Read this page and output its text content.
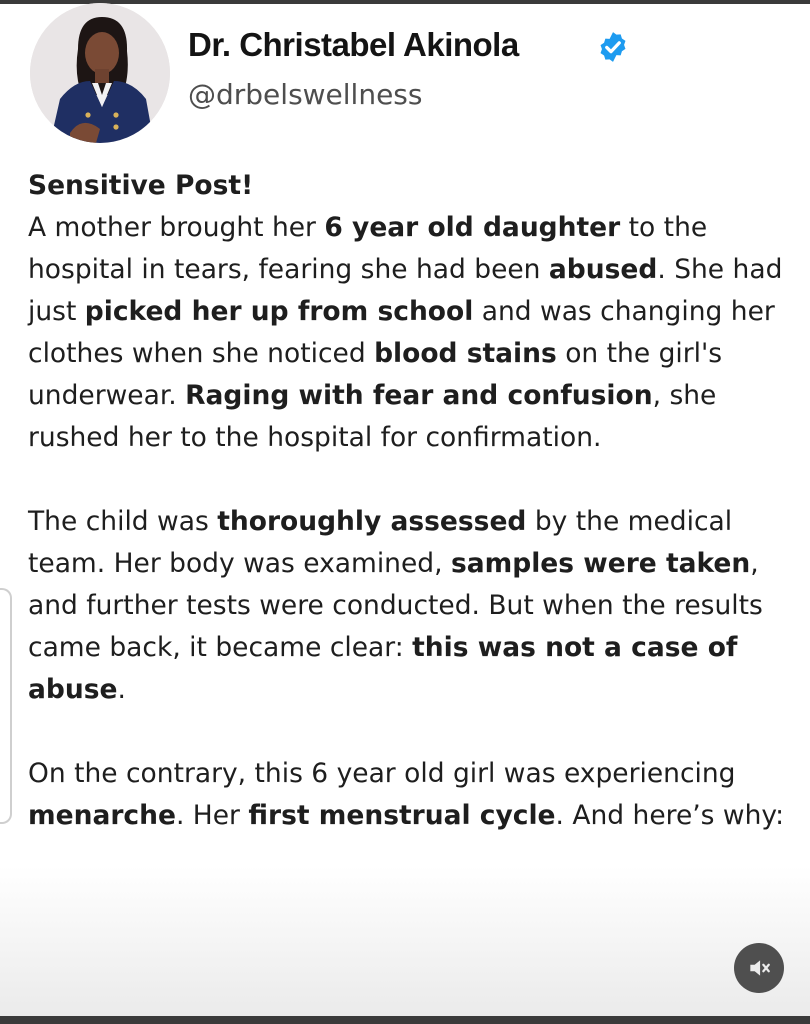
Dr. Christabel Akinola
@drbelswellness

Sensitive Post!

A mother brought her 6 year old daughter to the hospital in tears, fearing she had been abused. She had just picked her up from school and was changing her clothes when she noticed blood stains on the girl's underwear. Raging with fear and confusion, she rushed her to the hospital for confirmation.

The child was thoroughly assessed by the medical team. Her body was examined, samples were taken, and further tests were conducted. But when the results came back, it became clear: this was not a case of abuse.

On the contrary, this 6 year old girl was experiencing menarche. Her first menstrual cycle. And here’s why:
